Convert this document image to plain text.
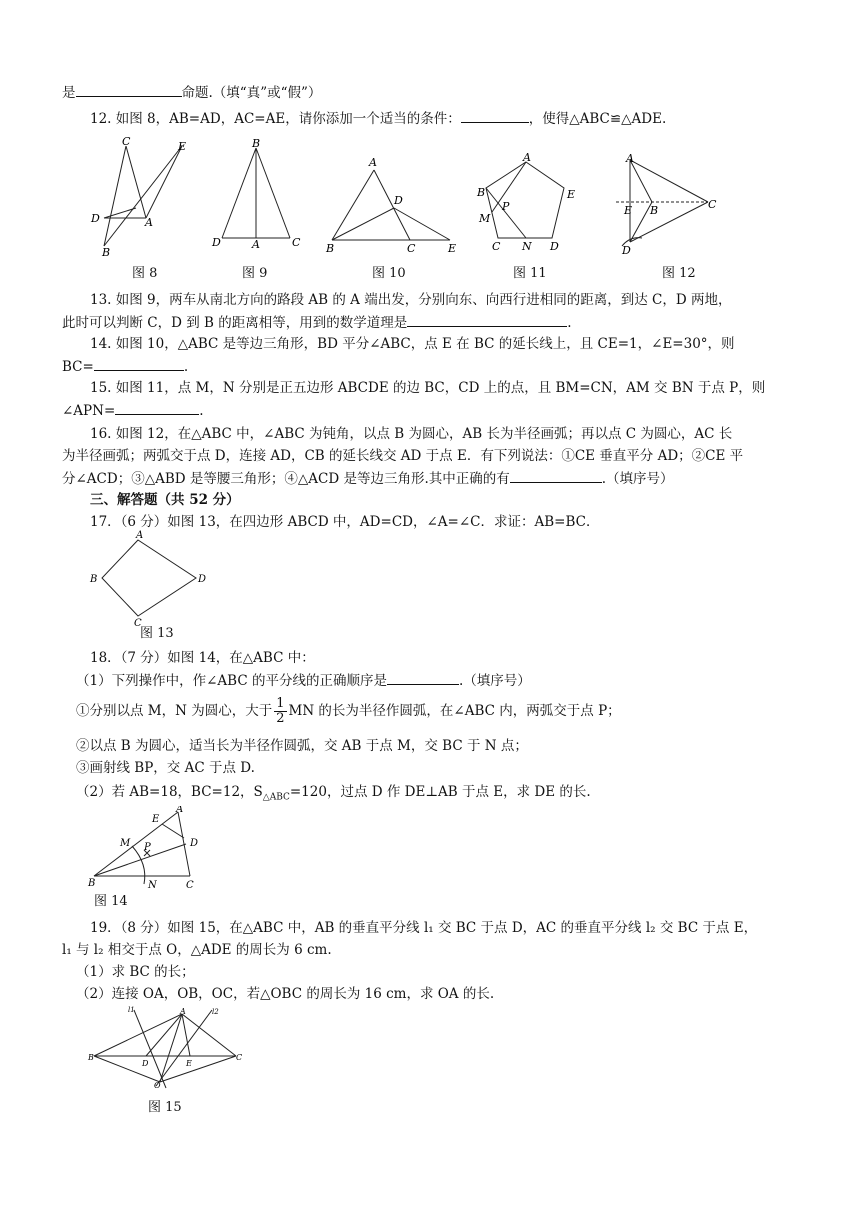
是	命题.（填“真”或“假”）
12. 如图 8，AB=AD，AC=AE，请你添加一个适当的条件：	，使得△ABC≌△ADE.
C	E
D	A
B
B
D	A	C
A
D
B	C	E
A
B	E
P
M
C N D
A
E B	C
D
图 8	图 9	图 10	图 11	图 12
13. 如图 9，两车从南北方向的路段 AB 的 A 端出发，分别向东、向西行进相同的距离，到达 C，D 两地，
此时可以判断 C，D 到 B 的距离相等，用到的数学道理是	.
14. 如图 10，△ABC 是等边三角形，BD 平分∠ABC，点 E 在 BC 的延长线上，且 CE=1，∠E=30°，则
BC=	.
15. 如图 11，点 M，N 分别是正五边形 ABCDE 的边 BC，CD 上的点，且 BM=CN，AM 交 BN 于点 P，则
∠APN=	.
16. 如图 12，在△ABC 中，∠ABC 为钝角，以点 B 为圆心，AB 长为半径画弧；再以点 C 为圆心，AC 长
为半径画弧；两弧交于点 D，连接 AD，CB 的延长线交 AD 于点 E．有下列说法：①CE 垂直平分 AD；②CE 平
分∠ACD；③△ABD 是等腰三角形；④△ACD 是等边三角形.其中正确的有	.（填序号）
三、解答题（共 52 分）
17．（6 分）如图 13，在四边形 ABCD 中，AD=CD，∠A=∠C．求证：AB=BC．
A
B	D
C
图 13
18．（7 分）如图 14，在△ABC 中：
（1）下列操作中，作∠ABC 的平分线的正确顺序是	.（填序号）
①分别以点 M，N 为圆心，大于 $\frac{1}{2}$ MN 的长为半径作圆弧，在∠ABC 内，两弧交于点 P；
②以点 B 为圆心，适当长为半径作圆弧，交 AB 于点 M，交 BC 于 N 点；
③画射线 BP，交 AC 于点 D.
（2）若 AB=18，BC=12，$S_{\triangle ABC}=120$，过点 D 作 DE⊥AB 于点 E，求 DE 的长.
A
E
D
M P
B	N	C
图 14
19．（8 分）如图 15，在△ABC 中，AB 的垂直平分线 l₁ 交 BC 于点 D，AC 的垂直平分线 l₂ 交 BC 于点 E，
l₁ 与 l₂ 相交于点 O，△ADE 的周长为 6 cm.
（1）求 BC 的长；
（2）连接 OA，OB，OC，若△OBC 的周长为 16 cm，求 OA 的长.
A
l1	l2
B
D	E
C
O
图 15
